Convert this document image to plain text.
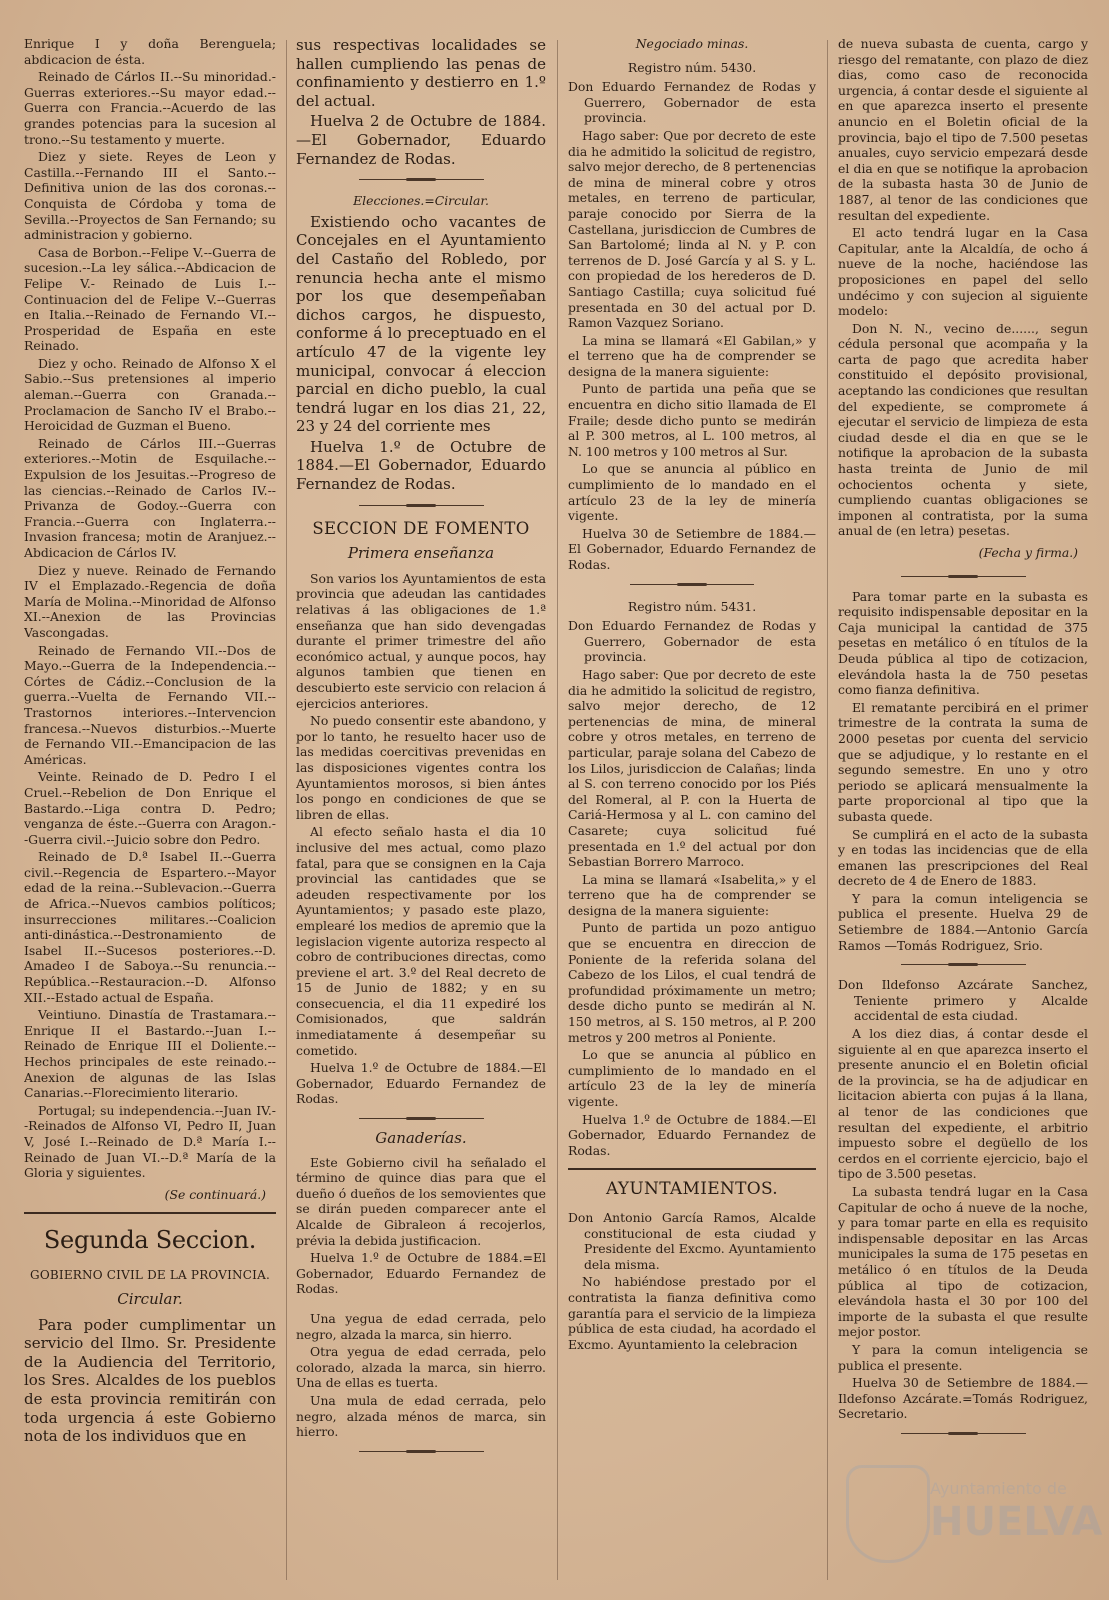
Enrique I y doña Berenguela; abdicacion de ésta.

Reinado de Cárlos II.--Su minoridad.- Guerras exteriores.--Su mayor edad.--Guerra con Francia.--Acuerdo de las grandes potencias para la sucesion al trono.--Su testamento y muerte.

Diez y siete. Reyes de Leon y Castilla.--Fernando III el Santo.--Definitiva union de las dos coronas.--Conquista de Córdoba y toma de Sevilla.--Proyectos de San Fernando; su administracion y gobierno.

Casa de Borbon.--Felipe V.--Guerra de sucesion.--La ley sálica.--Abdicacion de Felipe V.- Reinado de Luis I.--Continuacion del de Felipe V.--Guerras en Italia.--Reinado de Fernando VI.--Prosperidad de España en este Reinado.

Diez y ocho. Reinado de Alfonso X el Sabio.--Sus pretensiones al imperio aleman.--Guerra con Granada.--Proclamacion de Sancho IV el Brabo.--Heroicidad de Guzman el Bueno.

Reinado de Cárlos III.--Guerras exteriores.--Motin de Esquilache.--Expulsion de los Jesuitas.--Progreso de las ciencias.--Reinado de Carlos IV.--Privanza de Godoy.--Guerra con Francia.--Guerra con Inglaterra.--Invasion francesa; motin de Aranjuez.--Abdicacion de Cárlos IV.

Diez y nueve. Reinado de Fernando IV el Emplazado.-Regencia de doña María de Molina.--Minoridad de Alfonso XI.--Anexion de las Provincias Vascongadas.

Reinado de Fernando VII.--Dos de Mayo.--Guerra de la Independencia.--Córtes de Cádiz.--Conclusion de la guerra.--Vuelta de Fernando VII.--Trastornos interiores.--Intervencion francesa.--Nuevos disturbios.--Muerte de Fernando VII.--Emancipacion de las Américas.

Veinte. Reinado de D. Pedro I el Cruel.--Rebelion de Don Enrique el Bastardo.--Liga contra D. Pedro; venganza de éste.--Guerra con Aragon.--Guerra civil.--Juicio sobre don Pedro.

Reinado de D.ª Isabel II.--Guerra civil.--Regencia de Espartero.--Mayor edad de la reina.--Sublevacion.--Guerra de Africa.--Nuevos cambios políticos; insurrecciones militares.--Coalicion anti-dinástica.--Destronamiento de Isabel II.--Sucesos posteriores.--D. Amadeo I de Saboya.--Su renuncia.--República.--Restauracion.--D. Alfonso XII.--Estado actual de España.

Veintiuno. Dinastía de Trastamara.--Enrique II el Bastardo.--Juan I.--Reinado de Enrique III el Doliente.--Hechos principales de este reinado.--Anexion de algunas de las Islas Canarias.--Florecimiento literario.

Portugal; su independencia.--Juan IV.--Reinados de Alfonso VI, Pedro II, Juan V, José I.--Reinado de D.ª María I.--Reinado de Juan VI.--D.ª María de la Gloria y siguientes.

(Se continuará.)

Segunda Seccion.
GOBIERNO CIVIL DE LA PROVINCIA.
Circular.

Para poder cumplimentar un servicio del Ilmo. Sr. Presidente de la Audiencia del Territorio, los Sres. Alcaldes de los pueblos de esta provincia remitirán con toda urgencia á este Gobierno nota de los individuos que en

sus respectivas localidades se hallen cumpliendo las penas de confinamiento y destierro en 1.º del actual.

Huelva 2 de Octubre de 1884.—El Gobernador, Eduardo Fernandez de Rodas.

Elecciones.=Circular.

Existiendo ocho vacantes de Concejales en el Ayuntamiento del Castaño del Robledo, por renuncia hecha ante el mismo por los que desempeñaban dichos cargos, he dispuesto, conforme á lo preceptuado en el artículo 47 de la vigente ley municipal, convocar á eleccion parcial en dicho pueblo, la cual tendrá lugar en los dias 21, 22, 23 y 24 del corriente mes

Huelva 1.º de Octubre de 1884.—El Gobernador, Eduardo Fernandez de Rodas.

SECCION DE FOMENTO
Primera enseñanza

Son varios los Ayuntamientos de esta provincia que adeudan las cantidades relativas á las obligaciones de 1.ª enseñanza que han sido devengadas durante el primer trimestre del año económico actual, y aunque pocos, hay algunos tambien que tienen en descubierto este servicio con relacion á ejercicios anteriores.

No puedo consentir este abandono, y por lo tanto, he resuelto hacer uso de las medidas coercitivas prevenidas en las disposiciones vigentes contra los Ayuntamientos morosos, si bien ántes los pongo en condiciones de que se libren de ellas.

Al efecto señalo hasta el dia 10 inclusive del mes actual, como plazo fatal, para que se consignen en la Caja provincial las cantidades que se adeuden respectivamente por los Ayuntamientos; y pasado este plazo, emplearé los medios de apremio que la legislacion vigente autoriza respecto al cobro de contribuciones directas, como previene el art. 3.º del Real decreto de 15 de Junio de 1882; y en su consecuencia, el dia 11 expediré los Comisionados, que saldrán inmediatamente á desempeñar su cometido.

Huelva 1.º de Octubre de 1884.—El Gobernador, Eduardo Fernandez de Rodas.

Ganaderías.

Este Gobierno civil ha señalado el término de quince dias para que el dueño ó dueños de los semovientes que se dirán pueden comparecer ante el Alcalde de Gibraleon á recojerlos, prévia la debida justificacion.

Huelva 1.º de Octubre de 1884.=El Gobernador, Eduardo Fernandez de Rodas.

Una yegua de edad cerrada, pelo negro, alzada la marca, sin hierro.

Otra yegua de edad cerrada, pelo colorado, alzada la marca, sin hierro. Una de ellas es tuerta.

Una mula de edad cerrada, pelo negro, alzada ménos de marca, sin hierro.

Negociado minas.

Registro núm. 5430.

Don Eduardo Fernandez de Rodas y Guerrero, Gobernador de esta provincia.

Hago saber: Que por decreto de este dia he admitido la solicitud de registro, salvo mejor derecho, de 8 pertenencias de mina de mineral cobre y otros metales, en terreno de particular, paraje conocido por Sierra de la Castellana, jurisdiccion de Cumbres de San Bartolomé; linda al N. y P. con terrenos de D. José García y al S. y L. con propiedad de los herederos de D. Santiago Castilla; cuya solicitud fué presentada en 30 del actual por D. Ramon Vazquez Soriano.

La mina se llamará «El Gabilan,» y el terreno que ha de comprender se designa de la manera siguiente:

Punto de partida una peña que se encuentra en dicho sitio llamada de El Fraile; desde dicho punto se medirán al P. 300 metros, al L. 100 metros, al N. 100 metros y 100 metros al Sur.

Lo que se anuncia al público en cumplimiento de lo mandado en el artículo 23 de la ley de minería vigente.

Huelva 30 de Setiembre de 1884.—El Gobernador, Eduardo Fernandez de Rodas.

Registro núm. 5431.

Don Eduardo Fernandez de Rodas y Guerrero, Gobernador de esta provincia.

Hago saber: Que por decreto de este dia he admitido la solicitud de registro, salvo mejor derecho, de 12 pertenencias de mina, de mineral cobre y otros metales, en terreno de particular, paraje solana del Cabezo de los Lilos, jurisdiccion de Calañas; linda al S. con terreno conocido por los Piés del Romeral, al P. con la Huerta de Cariá-Hermosa y al L. con camino del Casarete; cuya solicitud fué presentada en 1.º del actual por don Sebastian Borrero Marroco.

La mina se llamará «Isabelita,» y el terreno que ha de comprender se designa de la manera siguiente:

Punto de partida un pozo antiguo que se encuentra en direccion de Poniente de la referida solana del Cabezo de los Lilos, el cual tendrá de profundidad próximamente un metro; desde dicho punto se medirán al N. 150 metros, al S. 150 metros, al P. 200 metros y 200 metros al Poniente.

Lo que se anuncia al público en cumplimiento de lo mandado en el artículo 23 de la ley de minería vigente.

Huelva 1.º de Octubre de 1884.—El Gobernador, Eduardo Fernandez de Rodas.

AYUNTAMIENTOS.

Don Antonio García Ramos, Alcalde constitucional de esta ciudad y Presidente del Excmo. Ayuntamiento dela misma.

No habiéndose prestado por el contratista la fianza definitiva como garantía para el servicio de la limpieza pública de esta ciudad, ha acordado el Excmo. Ayuntamiento la celebracion

de nueva subasta de cuenta, cargo y riesgo del rematante, con plazo de diez dias, como caso de reconocida urgencia, á contar desde el siguiente al en que aparezca inserto el presente anuncio en el Boletin oficial de la provincia, bajo el tipo de 7.500 pesetas anuales, cuyo servicio empezará desde el dia en que se notifique la aprobacion de la subasta hasta 30 de Junio de 1887, al tenor de las condiciones que resultan del expediente.

El acto tendrá lugar en la Casa Capitular, ante la Alcaldía, de ocho á nueve de la noche, haciéndose las proposiciones en papel del sello undécimo y con sujecion al siguiente modelo:

Don N. N., vecino de......, segun cédula personal que acompaña y la carta de pago que acredita haber constituido el depósito provisional, aceptando las condiciones que resultan del expediente, se compromete á ejecutar el servicio de limpieza de esta ciudad desde el dia en que se le notifique la aprobacion de la subasta hasta treinta de Junio de mil ochocientos ochenta y siete, cumpliendo cuantas obligaciones se imponen al contratista, por la suma anual de (en letra) pesetas.

(Fecha y firma.)

Para tomar parte en la subasta es requisito indispensable depositar en la Caja municipal la cantidad de 375 pesetas en metálico ó en títulos de la Deuda pública al tipo de cotizacion, elevándola hasta la de 750 pesetas como fianza definitiva.

El rematante percibirá en el primer trimestre de la contrata la suma de 2000 pesetas por cuenta del servicio que se adjudique, y lo restante en el segundo semestre. En uno y otro periodo se aplicará mensualmente la parte proporcional al tipo que la subasta quede.

Se cumplirá en el acto de la subasta y en todas las incidencias que de ella emanen las prescripciones del Real decreto de 4 de Enero de 1883.

Y para la comun inteligencia se publica el presente. Huelva 29 de Setiembre de 1884.—Antonio García Ramos —Tomás Rodriguez, Srio.

Don Ildefonso Azcárate Sanchez, Teniente primero y Alcalde accidental de esta ciudad.

A los diez dias, á contar desde el siguiente al en que aparezca inserto el presente anuncio el en Boletin oficial de la provincia, se ha de adjudicar en licitacion abierta con pujas á la llana, al tenor de las condiciones que resultan del expediente, el arbitrio impuesto sobre el degüello de los cerdos en el corriente ejercicio, bajo el tipo de 3.500 pesetas.

La subasta tendrá lugar en la Casa Capitular de ocho á nueve de la noche, y para tomar parte en ella es requisito indispensable depositar en las Arcas municipales la suma de 175 pesetas en metálico ó en títulos de la Deuda pública al tipo de cotizacion, elevándola hasta el 30 por 100 del importe de la subasta el que resulte mejor postor.

Y para la comun inteligencia se publica el presente.

Huelva 30 de Setiembre de 1884.—Ildefonso Azcárate.=Tomás Rodriguez, Secretario.

Ayuntamiento de
HUELVA
